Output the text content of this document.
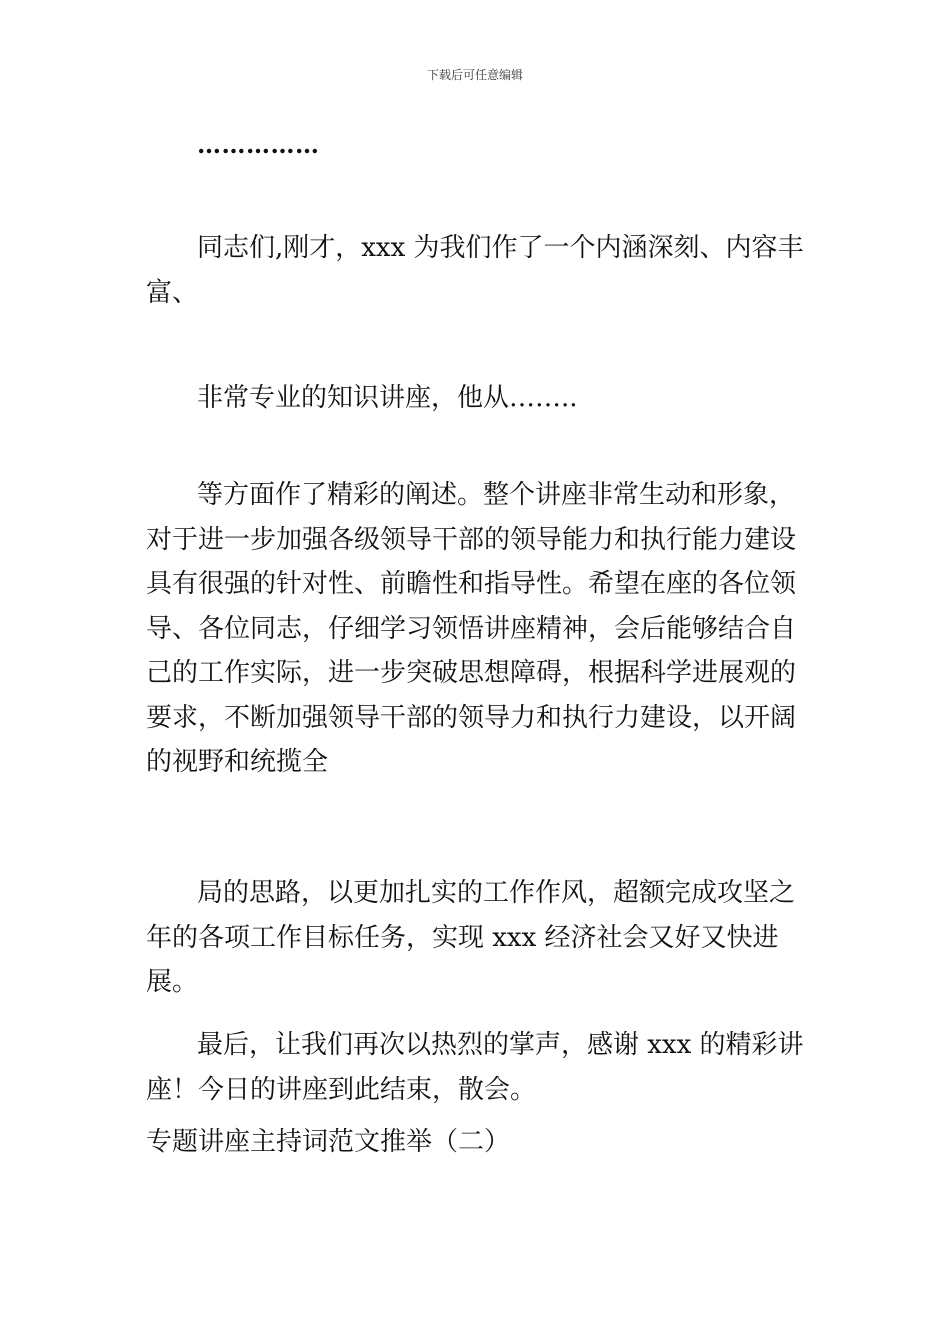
下载后可任意编辑
……………

同志们,刚才，xxx 为我们作了一个内涵深刻、内容丰富、

非常专业的知识讲座，他从……..

等方面作了精彩的阐述。整个讲座非常生动和形象，对于进一步加强各级领导干部的领导能力和执行能力建设具有很强的针对性、前瞻性和指导性。希望在座的各位领导、各位同志，仔细学习领悟讲座精神，会后能够结合自己的工作实际，进一步突破思想障碍，根据科学进展观的要求，不断加强领导干部的领导力和执行力建设，以开阔的视野和统揽全

局的思路，以更加扎实的工作作风，超额完成攻坚之年的各项工作目标任务，实现 xxx 经济社会又好又快进展。

最后，让我们再次以热烈的掌声，感谢 xxx 的精彩讲座！今日的讲座到此结束，散会。

专题讲座主持词范文推举（二）
